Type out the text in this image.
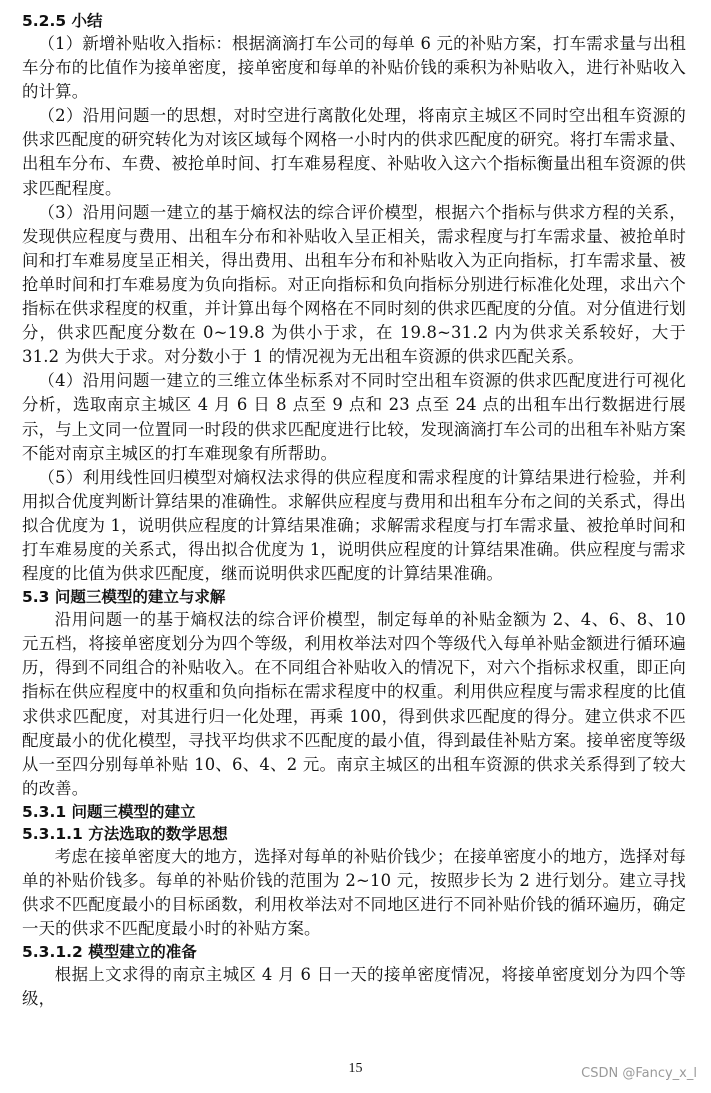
5.2.5 小结

（1）新增补贴收入指标：根据滴滴打车公司的每单 6 元的补贴方案，打车需求量与出租车分布的比值作为接单密度，接单密度和每单的补贴价钱的乘积为补贴收入，进行补贴收入的计算。

（2）沿用问题一的思想，对时空进行离散化处理，将南京主城区不同时空出租车资源的供求匹配度的研究转化为对该区域每个网格一小时内的供求匹配度的研究。将打车需求量、出租车分布、车费、被抢单时间、打车难易程度、补贴收入这六个指标衡量出租车资源的供求匹配程度。

（3）沿用问题一建立的基于熵权法的综合评价模型，根据六个指标与供求方程的关系，发现供应程度与费用、出租车分布和补贴收入呈正相关，需求程度与打车需求量、被抢单时间和打车难易度呈正相关，得出费用、出租车分布和补贴收入为正向指标，打车需求量、被抢单时间和打车难易度为负向指标。对正向指标和负向指标分别进行标准化处理，求出六个指标在供求程度的权重，并计算出每个网格在不同时刻的供求匹配度的分值。对分值进行划分，供求匹配度分数在 0~19.8 为供小于求，在 19.8~31.2 内为供求关系较好，大于 31.2 为供大于求。对分数小于 1 的情况视为无出租车资源的供求匹配关系。

（4）沿用问题一建立的三维立体坐标系对不同时空出租车资源的供求匹配度进行可视化分析，选取南京主城区 4 月 6 日 8 点至 9 点和 23 点至 24 点的出租车出行数据进行展示，与上文同一位置同一时段的供求匹配度进行比较，发现滴滴打车公司的出租车补贴方案不能对南京主城区的打车难现象有所帮助。

（5）利用线性回归模型对熵权法求得的供应程度和需求程度的计算结果进行检验，并利用拟合优度判断计算结果的准确性。求解供应程度与费用和出租车分布之间的关系式，得出拟合优度为 1，说明供应程度的计算结果准确；求解需求程度与打车需求量、被抢单时间和打车难易度的关系式，得出拟合优度为 1，说明供应程度的计算结果准确。供应程度与需求程度的比值为供求匹配度，继而说明供求匹配度的计算结果准确。

5.3 问题三模型的建立与求解

沿用问题一的基于熵权法的综合评价模型，制定每单的补贴金额为 2、4、6、8、10 元五档，将接单密度划分为四个等级，利用枚举法对四个等级代入每单补贴金额进行循环遍历，得到不同组合的补贴收入。在不同组合补贴收入的情况下，对六个指标求权重，即正向指标在供应程度中的权重和负向指标在需求程度中的权重。利用供应程度与需求程度的比值求供求匹配度，对其进行归一化处理，再乘 100，得到供求匹配度的得分。建立供求不匹配度最小的优化模型，寻找平均供求不匹配度的最小值，得到最佳补贴方案。接单密度等级从一至四分别每单补贴 10、6、4、2 元。南京主城区的出租车资源的供求关系得到了较大的改善。

5.3.1 问题三模型的建立
5.3.1.1 方法选取的数学思想

考虑在接单密度大的地方，选择对每单的补贴价钱少；在接单密度小的地方，选择对每单的补贴价钱多。每单的补贴价钱的范围为 2~10 元，按照步长为 2 进行划分。建立寻找供求不匹配度最小的目标函数，利用枚举法对不同地区进行不同补贴价钱的循环遍历，确定一天的供求不匹配度最小时的补贴方案。

5.3.1.2 模型建立的准备

根据上文求得的南京主城区 4 月 6 日一天的接单密度情况，将接单密度划分为四个等级，

15	CSDN @Fancy_x_l
